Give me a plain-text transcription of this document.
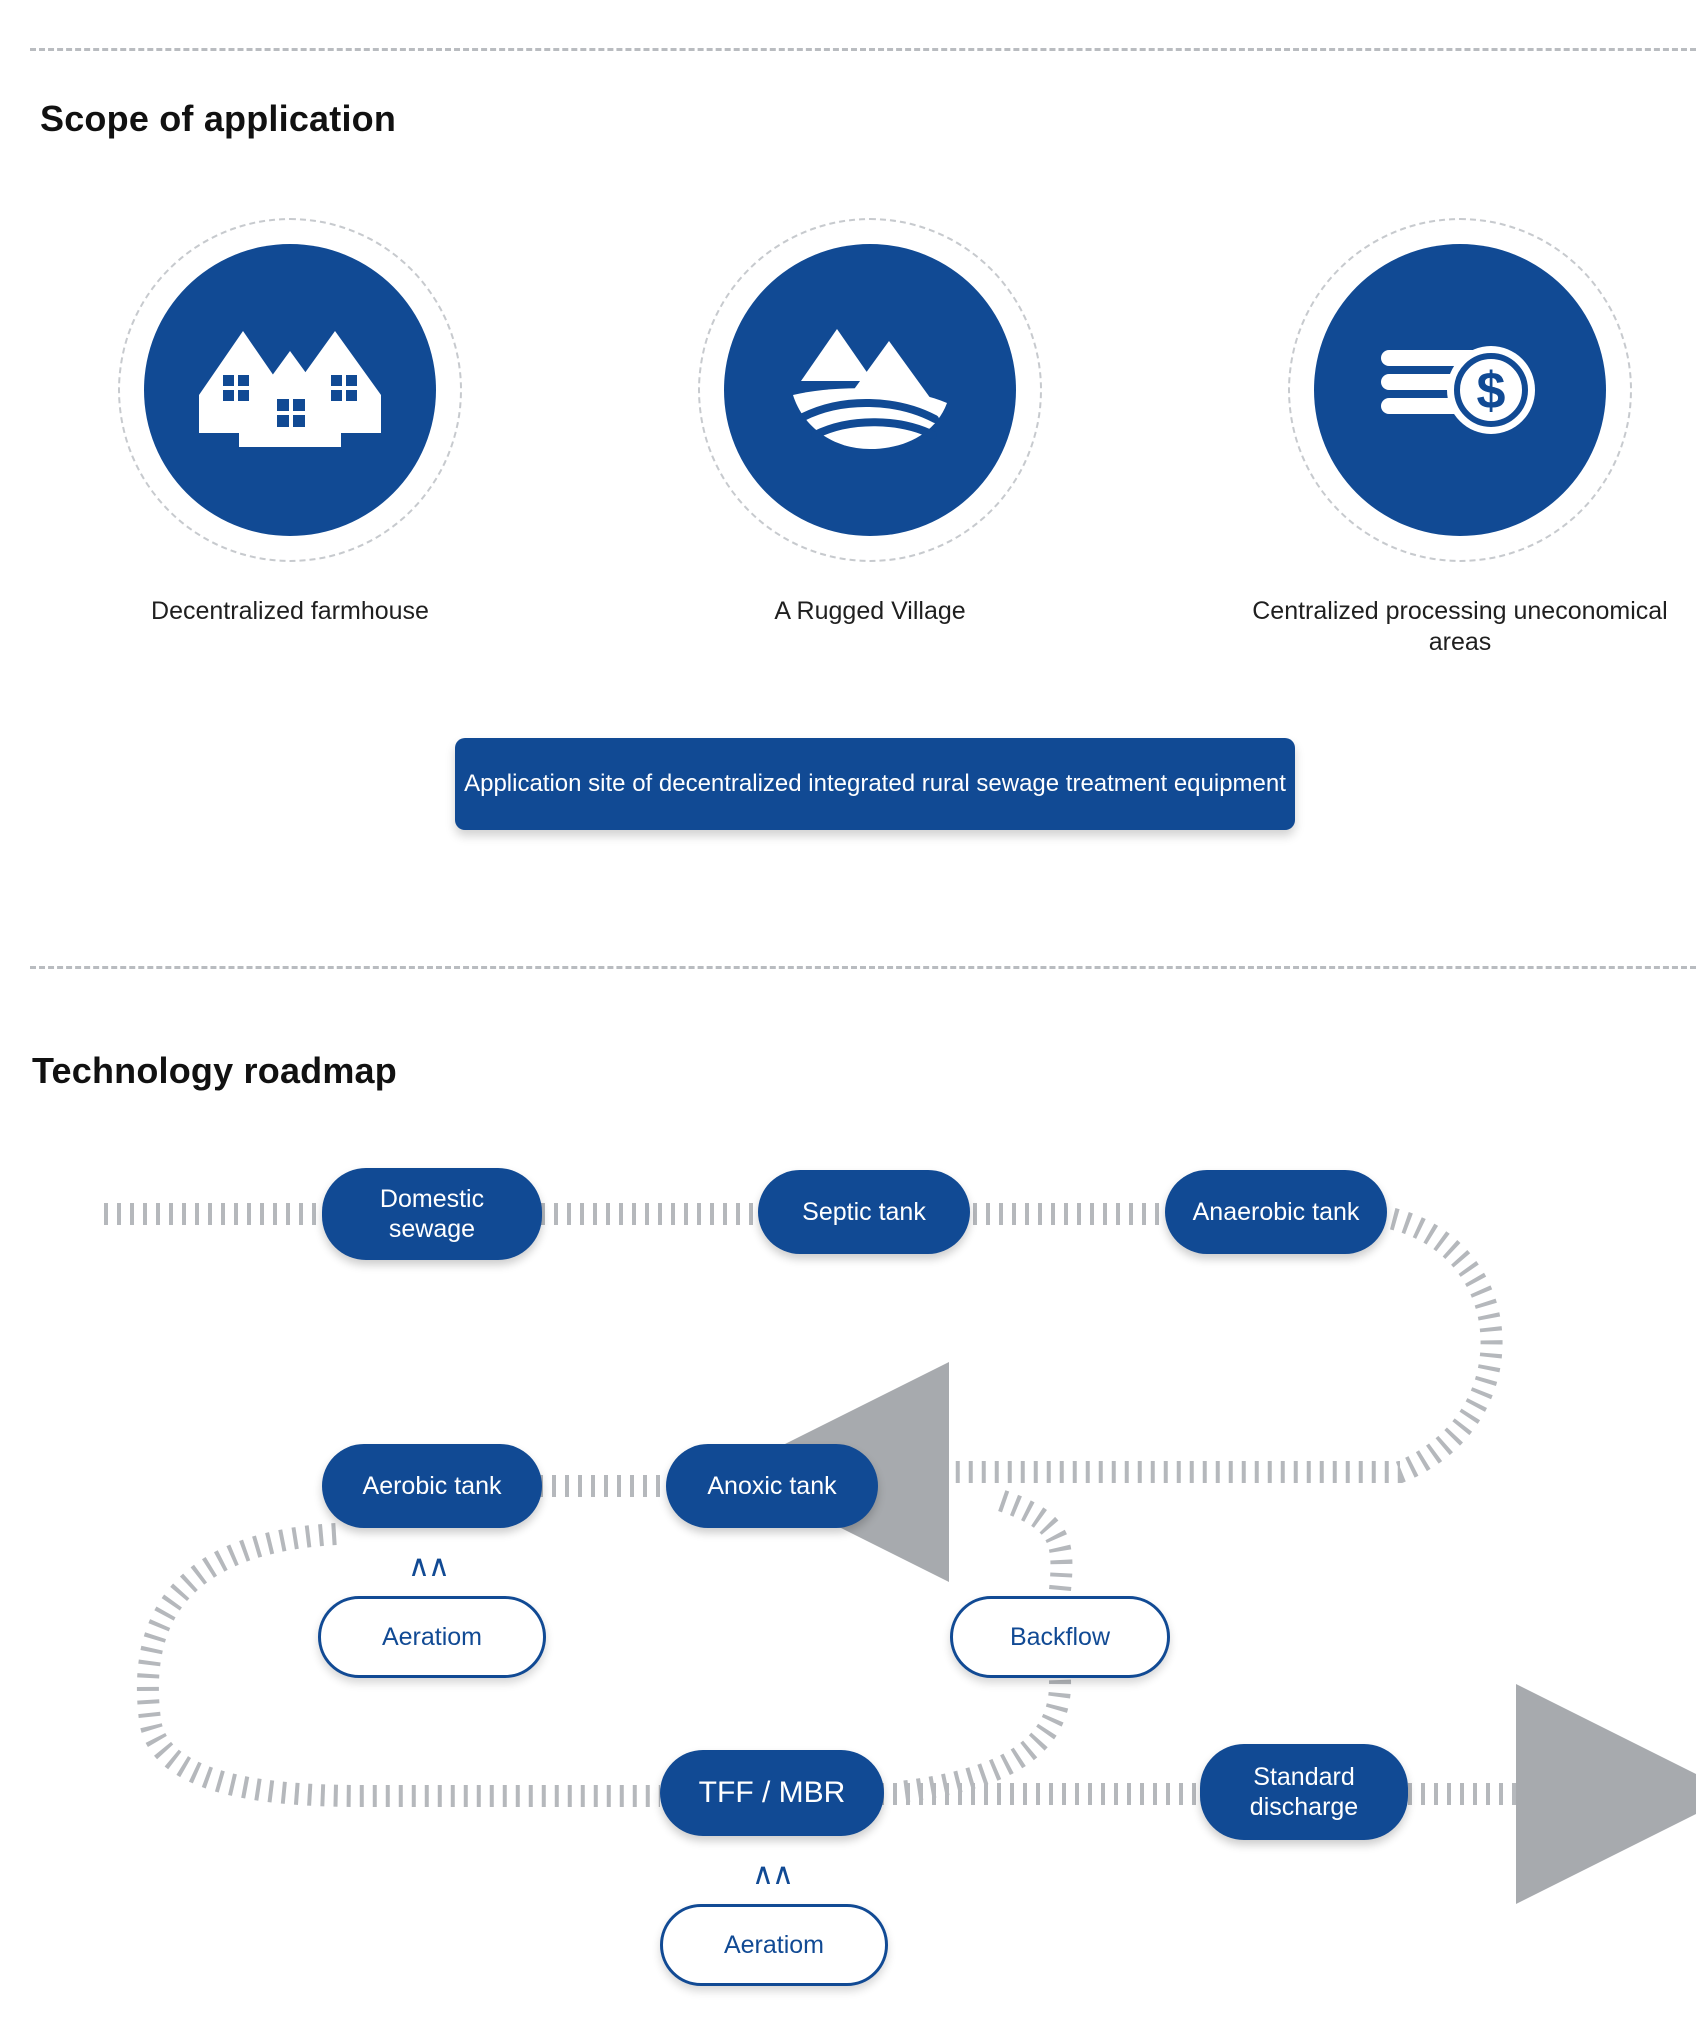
Scope of application
Decentralized farmhouse	A Rugged Village
$
Centralized processing uneconomical areas
Application site of decentralized integrated rural sewage treatment equipment
Technology roadmap
Domestic sewage
Septic tank	Anaerobic tank
Aerobic tank	Anoxic tank
∧∧
Aeratiom	Backflow
TFF / MBR	Standard discharge
∧∧
Aeratiom
